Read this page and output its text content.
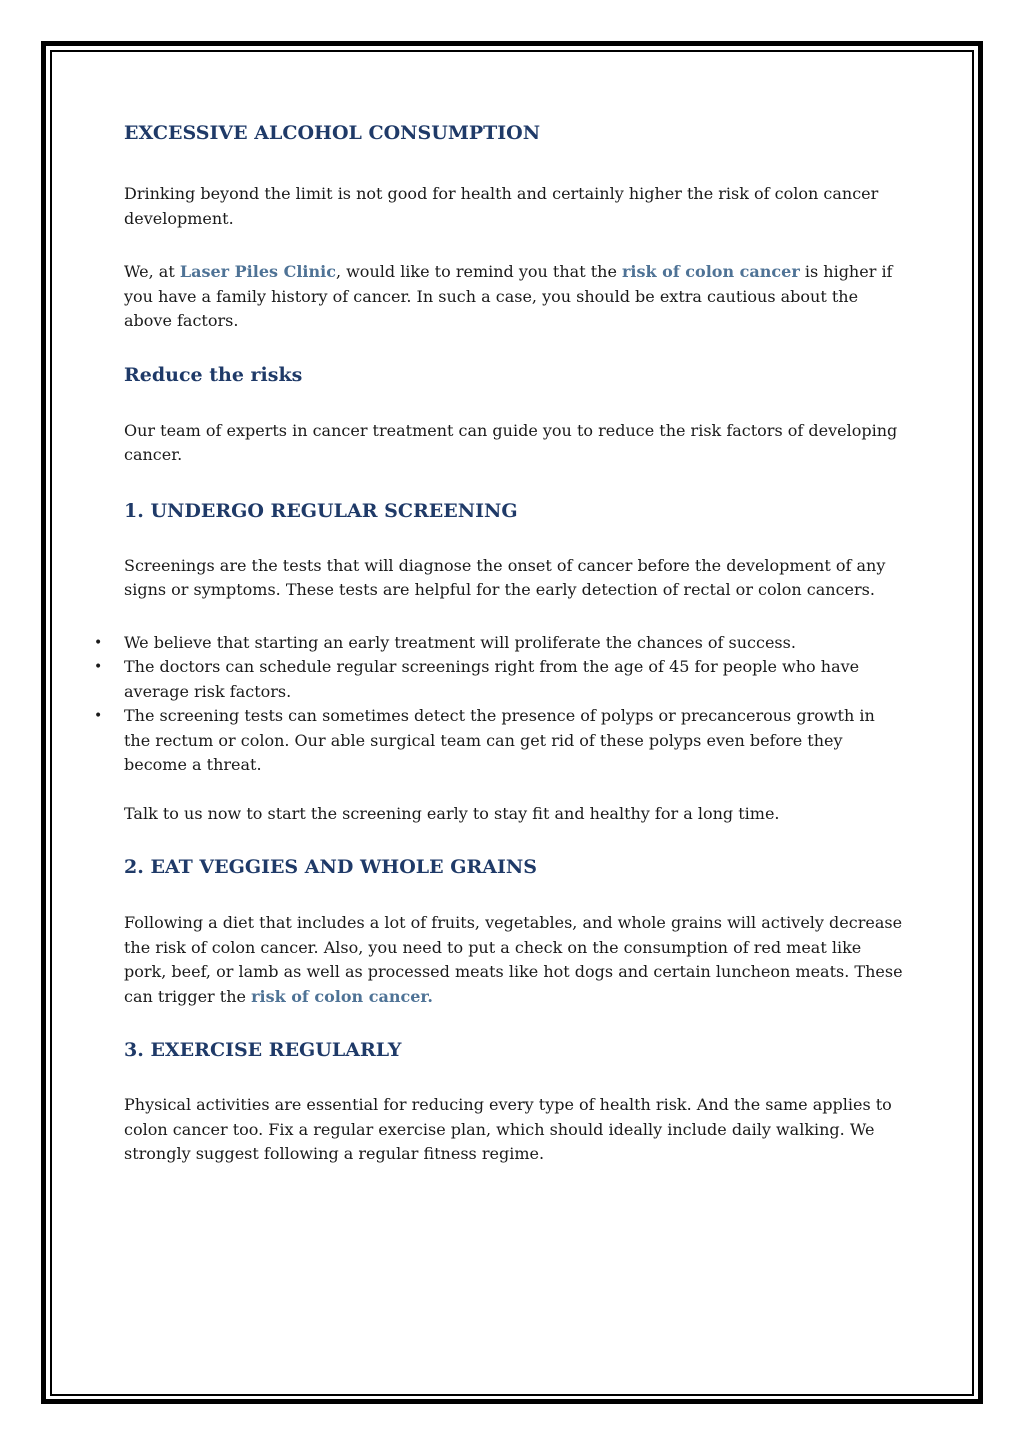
EXCESSIVE ALCOHOL CONSUMPTION

Drinking beyond the limit is not good for health and certainly higher the risk of colon cancer development.

We, at Laser Piles Clinic, would like to remind you that the risk of colon cancer is higher if you have a family history of cancer. In such a case, you should be extra cautious about the above factors.

Reduce the risks

Our team of experts in cancer treatment can guide you to reduce the risk factors of developing cancer.

1. UNDERGO REGULAR SCREENING

Screenings are the tests that will diagnose the onset of cancer before the development of any signs or symptoms. These tests are helpful for the early detection of rectal or colon cancers.

• We believe that starting an early treatment will proliferate the chances of success.
• The doctors can schedule regular screenings right from the age of 45 for people who have average risk factors.
• The screening tests can sometimes detect the presence of polyps or precancerous growth in the rectum or colon. Our able surgical team can get rid of these polyps even before they become a threat.

Talk to us now to start the screening early to stay fit and healthy for a long time.

2. EAT VEGGIES AND WHOLE GRAINS

Following a diet that includes a lot of fruits, vegetables, and whole grains will actively decrease the risk of colon cancer. Also, you need to put a check on the consumption of red meat like pork, beef, or lamb as well as processed meats like hot dogs and certain luncheon meats. These can trigger the risk of colon cancer.

3. EXERCISE REGULARLY

Physical activities are essential for reducing every type of health risk. And the same applies to colon cancer too. Fix a regular exercise plan, which should ideally include daily walking. We strongly suggest following a regular fitness regime.
